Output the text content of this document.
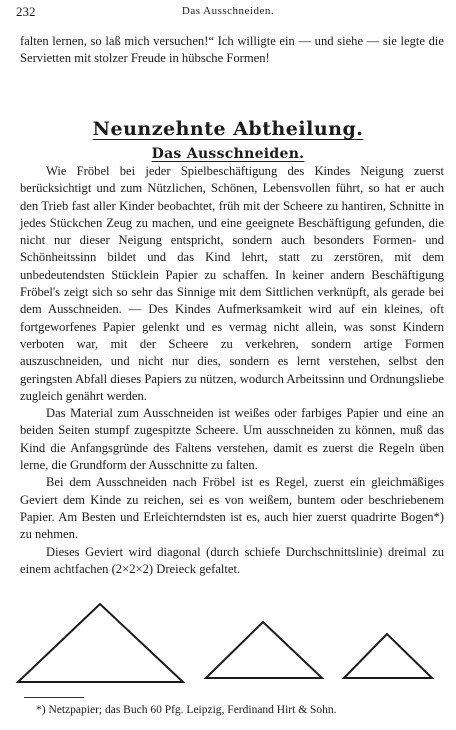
232	Das Ausschneiden.

falten lernen, so laß mich versuchen!“ Ich willigte ein — und siehe — sie legte die Servietten mit stolzer Freude in hübsche Formen!

Neunzehnte Abtheilung.
Das Ausschneiden.

Wie Fröbel bei jeder Spielbeschäftigung des Kindes Neigung zuerst berücksichtigt und zum Nützlichen, Schönen, Lebensvollen führt, so hat er auch den Trieb fast aller Kinder beobachtet, früh mit der Scheere zu hantiren, Schnitte in jedes Stückchen Zeug zu machen, und eine geeignete Beschäftigung gefunden, die nicht nur dieser Neigung entspricht, sondern auch besonders Formen- und Schönheitssinn bildet und das Kind lehrt, statt zu zerstören, mit dem unbedeutendsten Stücklein Papier zu schaffen. In keiner andern Beschäftigung Fröbel's zeigt sich so sehr das Sinnige mit dem Sittlichen verknüpft, als gerade bei dem Ausschneiden. — Des Kindes Aufmerksamkeit wird auf ein kleines, oft fortgeworfenes Papier gelenkt und es vermag nicht allein, was sonst Kindern verboten war, mit der Scheere zu verkehren, sondern artige Formen auszuschneiden, und nicht nur dies, sondern es lernt verstehen, selbst den geringsten Abfall dieses Papiers zu nützen, wodurch Arbeitssinn und Ordnungsliebe zugleich genährt werden.

Das Material zum Ausschneiden ist weißes oder farbiges Papier und eine an beiden Seiten stumpf zugespitzte Scheere. Um ausschneiden zu können, muß das Kind die Anfangsgründe des Faltens verstehen, damit es zuerst die Regeln üben lerne, die Grundform der Ausschnitte zu falten.

Bei dem Ausschneiden nach Fröbel ist es Regel, zuerst ein gleichmäßiges Geviert dem Kinde zu reichen, sei es von weißem, buntem oder beschriebenem Papier. Am Besten und Erleichterndsten ist es, auch hier zuerst quadrirte Bogen*) zu nehmen.

Dieses Geviert wird diagonal (durch schiefe Durchschnittslinie) dreimal zu einem achtfachen (2×2×2) Dreieck gefaltet.

*) Netzpapier; das Buch 60 Pfg. Leipzig, Ferdinand Hirt & Sohn.
